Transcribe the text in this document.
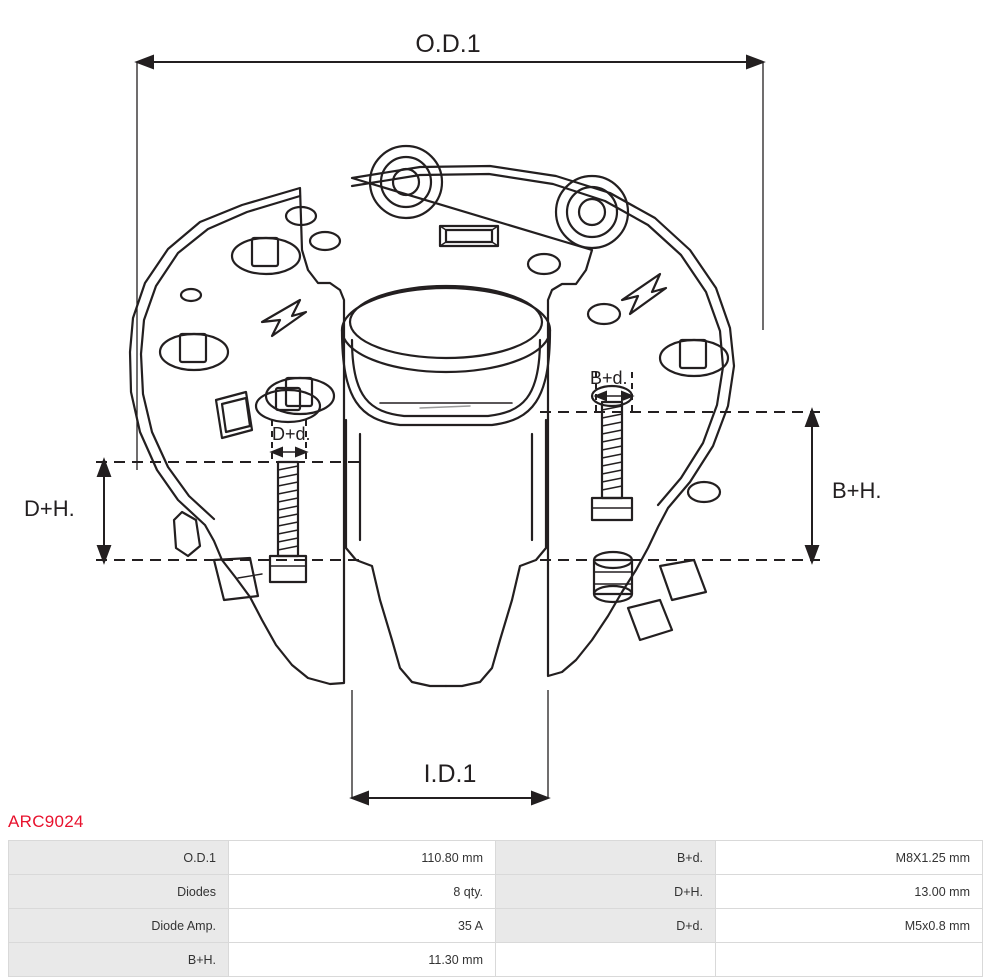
O.D.1
I.D.1
D+H.
B+H.
D+d.
B+d.
ARC9024
O.D.1	110.80 mm	B+d.	M8X1.25 mm
Diodes	8 qty.	D+H.	13.00 mm
Diode Amp.	35 A	D+d.	M5x0.8 mm
B+H.	11.30 mm		
